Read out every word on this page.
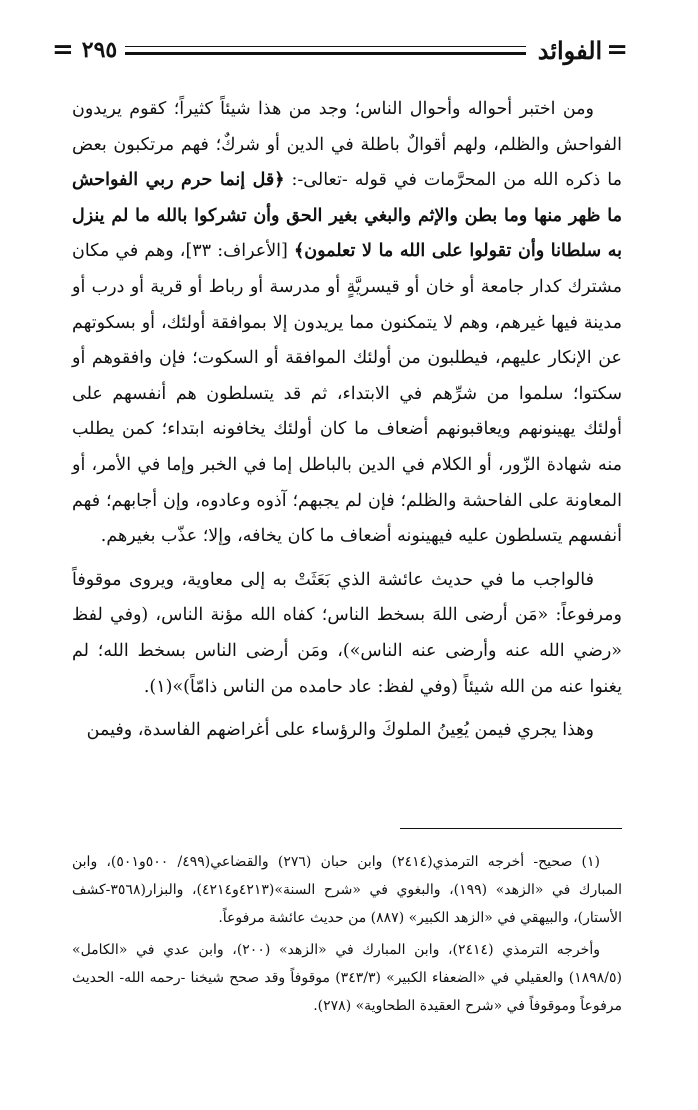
=
الفوائد
٢٩٥
=

ومن اختبر أحواله وأحوال الناس؛ وجد من هذا شيئاً كثيراً؛ كقوم يريدون الفواحش والظلم، ولهم أقوالٌ باطلة في الدين أو شركٌ؛ فهم مرتكبون بعض ما ذكره الله من المحرَّمات في قوله -تعالى-: ﴿قل إنما حرم ربي الفواحش ما ظهر منها وما بطن والإثم والبغي بغير الحق وأن تشركوا بالله ما لم ينزل به سلطانا وأن تقولوا على الله ما لا تعلمون﴾ [الأعراف: ٣٣]، وهم في مكان مشترك كدار جامعة أو خان أو قيسريَّةٍ أو مدرسة أو رباط أو قرية أو درب أو مدينة فيها غيرهم، وهم لا يتمكنون مما يريدون إلا بموافقة أولئك، أو بسكوتهم عن الإنكار عليهم، فيطلبون من أولئك الموافقة أو السكوت؛ فإن وافقوهم أو سكتوا؛ سلموا من شرِّهم في الابتداء، ثم قد يتسلطون هم أنفسهم على أولئك يهينونهم ويعاقبونهم أضعاف ما كان أولئك يخافونه ابتداء؛ كمن يطلب منه شهادة الزّور، أو الكلام في الدين بالباطل إما في الخبر وإما في الأمر، أو المعاونة على الفاحشة والظلم؛ فإن لم يجبهم؛ آذوه وعادوه، وإن أجابهم؛ فهم أنفسهم يتسلطون عليه فيهينونه أضعاف ما كان يخافه، وإلا؛ عذّب بغيرهم.

فالواجب ما في حديث عائشة الذي بَعَثَتْ به إلى معاوية، ويروى موقوفاً ومرفوعاً: «مَن أرضى اللهَ بسخط الناس؛ كفاه الله مؤنة الناس، (وفي لفظ «رضي الله عنه وأرضى عنه الناس»)، ومَن أرضى الناس بسخط الله؛ لم يغنوا عنه من الله شيئاً (وفي لفظ: عاد حامده من الناس ذامّاً)»(١).

وهذا يجري فيمن يُعِينُ الملوكَ والرؤساء على أغراضهم الفاسدة، وفيمن

(١) صحيح- أخرجه الترمذي(٢٤١٤) وابن حبان (٢٧٦) والقضاعي(٤٩٩/ ٥٠٠و٥٠١)، وابن المبارك في «الزهد» (١٩٩)، والبغوي في «شرح السنة»(٤٢١٣و٤٢١٤)، والبزار(٣٥٦٨-كشف الأستار)، والبيهقي في «الزهد الكبير» (٨٨٧) من حديث عائشة مرفوعاً.

وأخرجه الترمذي (٢٤١٤)، وابن المبارك في «الزهد» (٢٠٠)، وابن عدي في «الكامل» (١٨٩٨/٥) والعقيلي في «الضعفاء الكبير» (٣٤٣/٣) موقوفاً وقد صحح شيخنا -رحمه الله- الحديث مرفوعاً وموقوفاً في «شرح العقيدة الطحاوية» (٢٧٨).
